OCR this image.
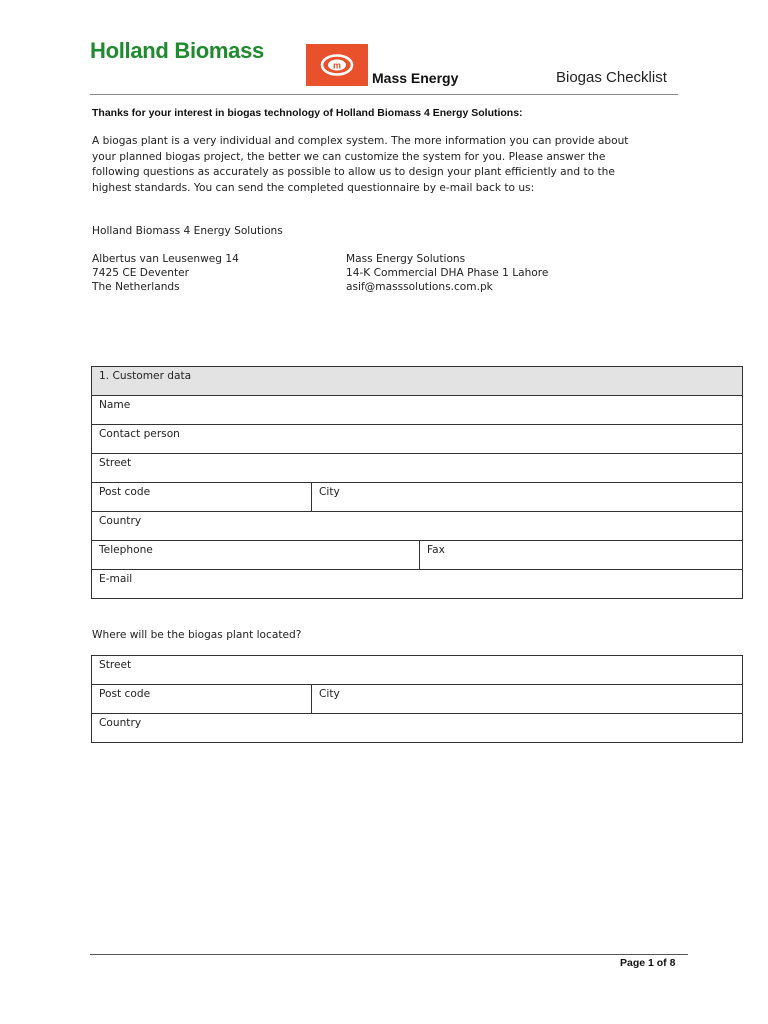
Holland Biomass
m
Mass Energy	Biogas Checklist
Thanks for your interest in biogas technology of Holland Biomass 4 Energy Solutions:
A biogas plant is a very individual and complex system. The more information you can provide about
your planned biogas project, the better we can customize the system for you. Please answer the
following questions as accurately as possible to allow us to design your plant efficiently and to the
highest standards. You can send the completed questionnaire by e-mail back to us:
Holland Biomass 4 Energy Solutions
Albertus van Leusenweg 14
7425 CE Deventer
The Netherlands
Mass Energy Solutions
14-K Commercial DHA Phase 1 Lahore
asif@masssolutions.com.pk
1. Customer data		
Name		
Contact person		
Street		
Post code	City	
Country		
Telephone		Fax
E-mail		
Where will be the biogas plant located?
Street
Post code	City
Country
Page 1 of 8
